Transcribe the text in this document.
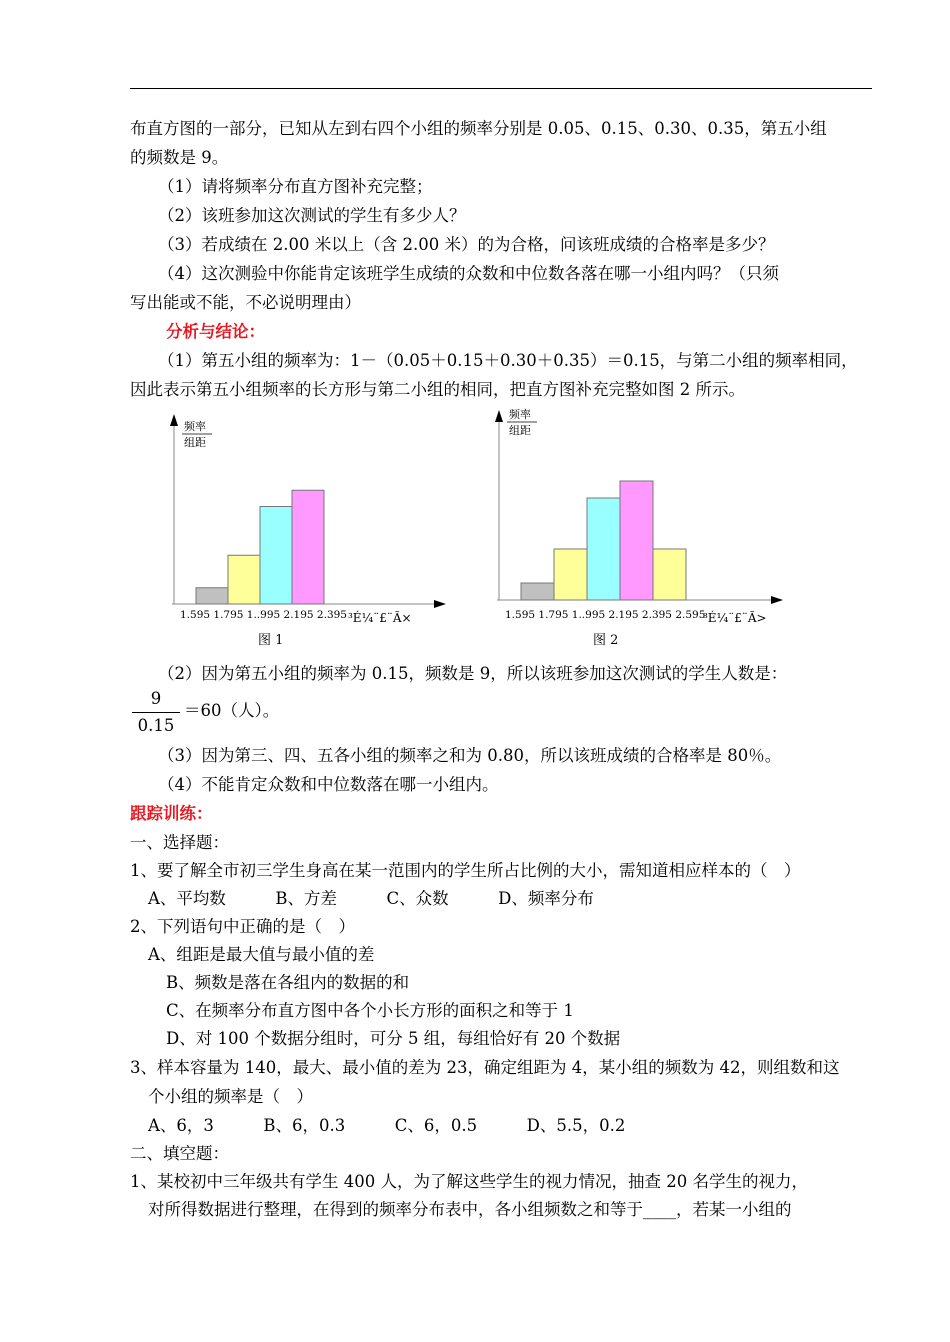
布直方图的一部分，已知从左到右四个小组的频率分别是 0.05、0.15、0.30、0.35，第五小组
的频数是 9。
（1）请将频率分布直方图补充完整；
（2）该班参加这次测试的学生有多少人？
（3）若成绩在 2.00 米以上（含 2.00 米）的为合格，问该班成绩的合格率是多少？
（4）这次测验中你能肯定该班学生成绩的众数和中位数各落在哪一小组内吗？（只须
写出能或不能，不必说明理由）
分析与结论：
（1）第五小组的频率为：1－（0.05＋0.15＋0.30＋0.35）＝0.15，与第二小组的频率相同，
因此表示第五小组频率的长方形与第二小组的相同，把直方图补充完整如图 2 所示。
频率
组距
1.595 1.795 1..995 2.195 2.395 ³É¼¨£¨Ã×
图 1
频率
组距
1.595 1.795 1..995 2.195 2.395 2.595
³É¼¨£¨Ã>
图 2
（2）因为第五小组的频率为 0.15，频数是 9，所以该班参加这次测试的学生人数是：
9
0.15
＝60（人）。
（3）因为第三、四、五各小组的频率之和为 0.80，所以该班成绩的合格率是 80％。
（4）不能肯定众数和中位数落在哪一小组内。
跟踪训练：
一、选择题：
1、要了解全市初三学生身高在某一范围内的学生所占比例的大小，需知道相应样本的（　）
A、平均数　　　B、方差　　　C、众数　　　D、频率分布
2、下列语句中正确的是（　）
A、组距是最大值与最小值的差
B、频数是落在各组内的数据的和
C、在频率分布直方图中各个小长方形的面积之和等于 1
D、对 100 个数据分组时，可分 5 组，每组恰好有 20 个数据
3、样本容量为 140，最大、最小值的差为 23，确定组距为 4，某小组的频数为 42，则组数和这
个小组的频率是（　）
A、6，3　　　B、6，0.3　　　C、6，0.5　　　D、5.5，0.2
二、填空题：
1、某校初中三年级共有学生 400 人，为了解这些学生的视力情况，抽查 20 名学生的视力，
对所得数据进行整理，在得到的频率分布表中，各小组频数之和等于____，若某一小组的
